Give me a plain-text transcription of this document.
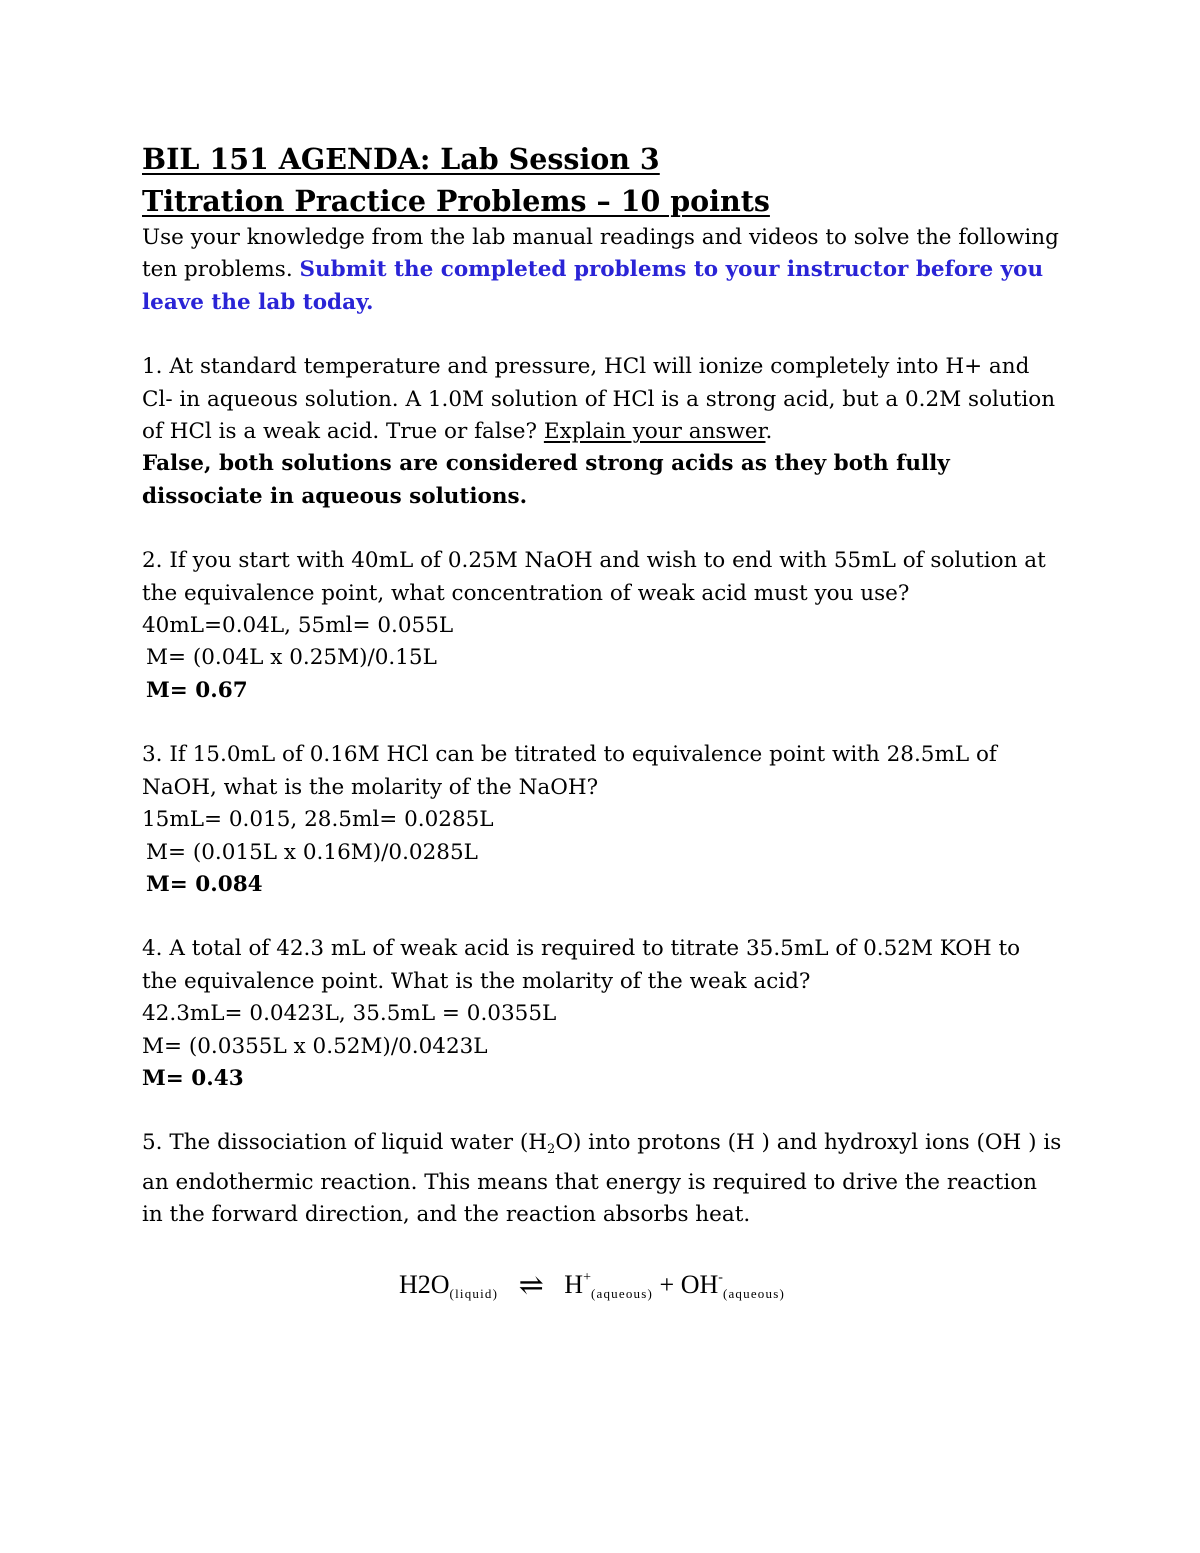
BIL 151 AGENDA: Lab Session 3
Titration Practice Problems – 10 points
Use your knowledge from the lab manual readings and videos to solve the following ten problems. Submit the completed problems to your instructor before you leave the lab today.
1. At standard temperature and pressure, HCl will ionize completely into H+ and Cl- in aqueous solution. A 1.0M solution of HCl is a strong acid, but a 0.2M solution of HCl is a weak acid. True or false? Explain your answer.
False, both solutions are considered strong acids as they both fully dissociate in aqueous solutions.
2. If you start with 40mL of 0.25M NaOH and wish to end with 55mL of solution at the equivalence point, what concentration of weak acid must you use?
40mL=0.04L, 55ml= 0.055L
M= (0.04L x 0.25M)/0.15L
M= 0.67
3. If 15.0mL of 0.16M HCl can be titrated to equivalence point with 28.5mL of NaOH, what is the molarity of the NaOH?
15mL= 0.015, 28.5ml= 0.0285L
M= (0.015L x 0.16M)/0.0285L
M= 0.084
4. A total of 42.3 mL of weak acid is required to titrate 35.5mL of 0.52M KOH to the equivalence point. What is the molarity of the weak acid?
42.3mL= 0.0423L, 35.5mL = 0.0355L
M= (0.0355L x 0.52M)/0.0423L
M= 0.43
5. The dissociation of liquid water (H2O) into protons (H ) and hydroxyl ions (OH ) is an endothermic reaction. This means that energy is required to drive the reaction in the forward direction, and the reaction absorbs heat.
$H2O_{(liquid)}$ ⇌ $H^+_{(aqueous)} + OH^-_{(aqueous)}$
